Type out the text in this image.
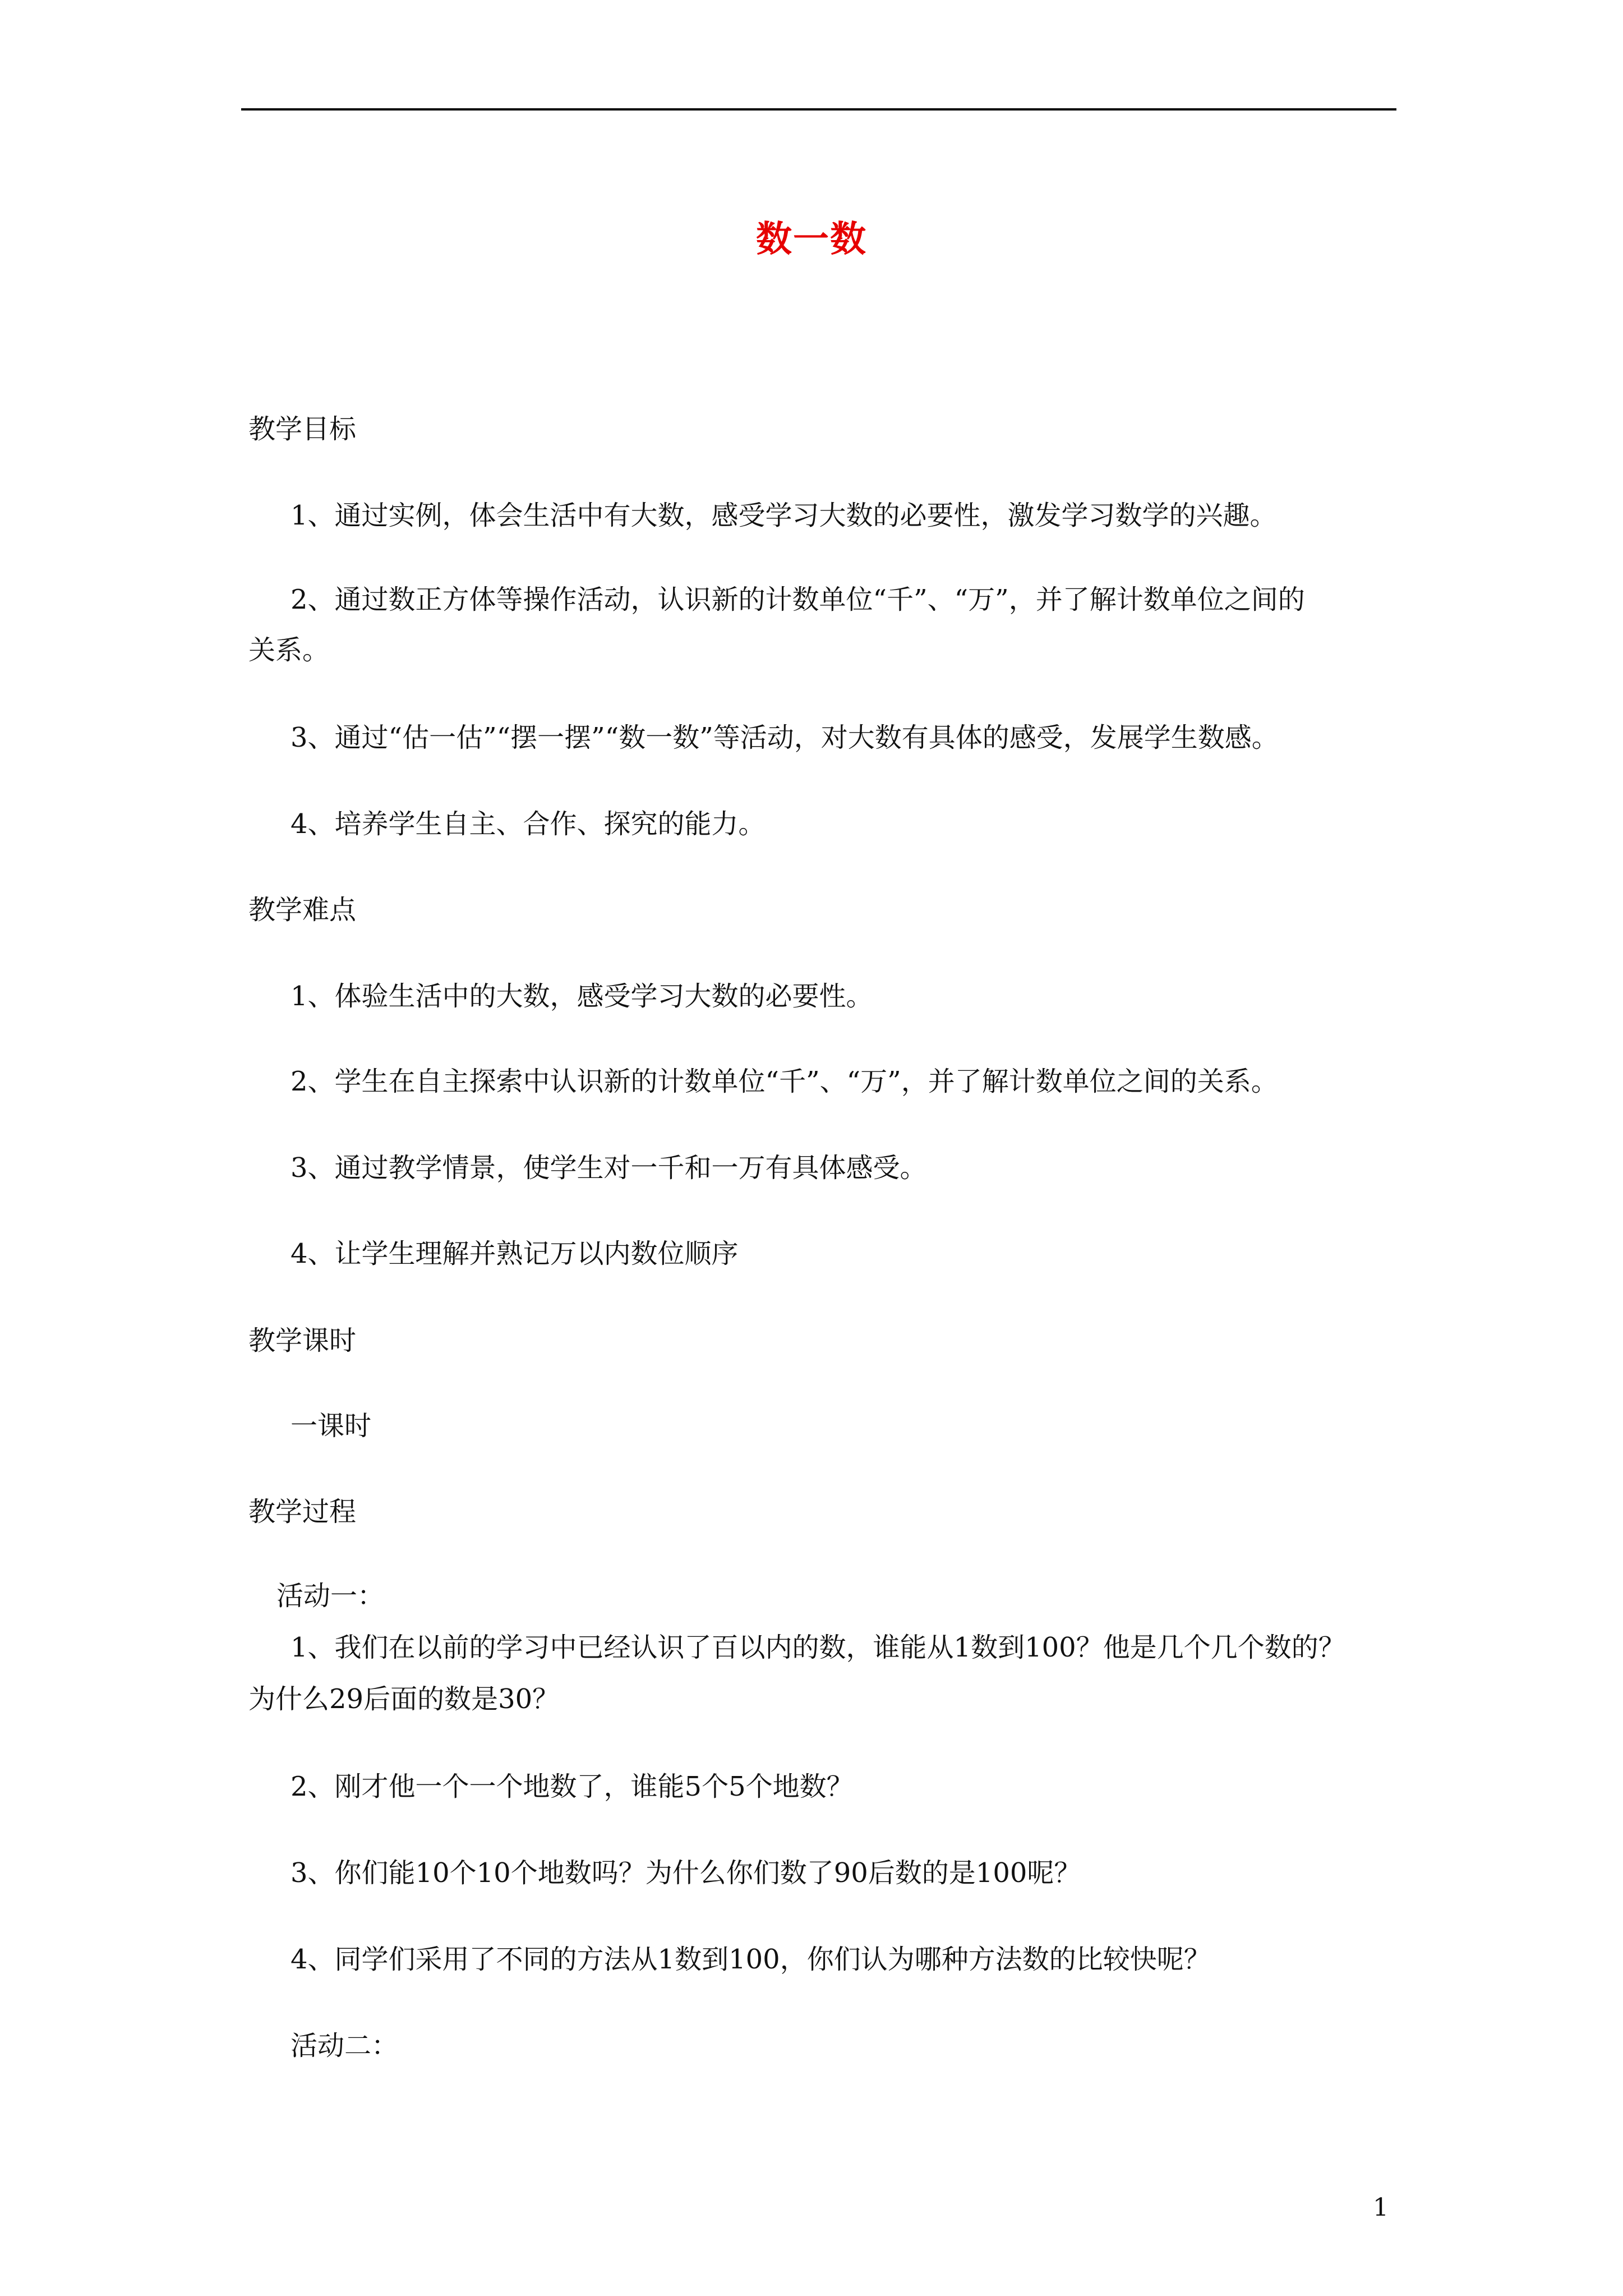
数一数
教学目标
1、通过实例，体会生活中有大数，感受学习大数的必要性，激发学习数学的兴趣。
2、通过数正方体等操作活动，认识新的计数单位“千”、“万”，并了解计数单位之间的
关系。
3、通过“估一估”“摆一摆”“数一数”等活动，对大数有具体的感受，发展学生数感。
4、培养学生自主、合作、探究的能力。
教学难点
1、体验生活中的大数，感受学习大数的必要性。
2、学生在自主探索中认识新的计数单位“千”、“万”，并了解计数单位之间的关系。
3、通过教学情景，使学生对一千和一万有具体感受。
4、让学生理解并熟记万以内数位顺序
教学课时
一课时
教学过程
活动一：
1、我们在以前的学习中已经认识了百以内的数，谁能从1数到100？他是几个几个数的？
为什么29后面的数是30？
2、刚才他一个一个地数了，谁能5个5个地数？
3、你们能10个10个地数吗？为什么你们数了90后数的是100呢？
4、同学们采用了不同的方法从1数到100，你们认为哪种方法数的比较快呢？
活动二：
1
